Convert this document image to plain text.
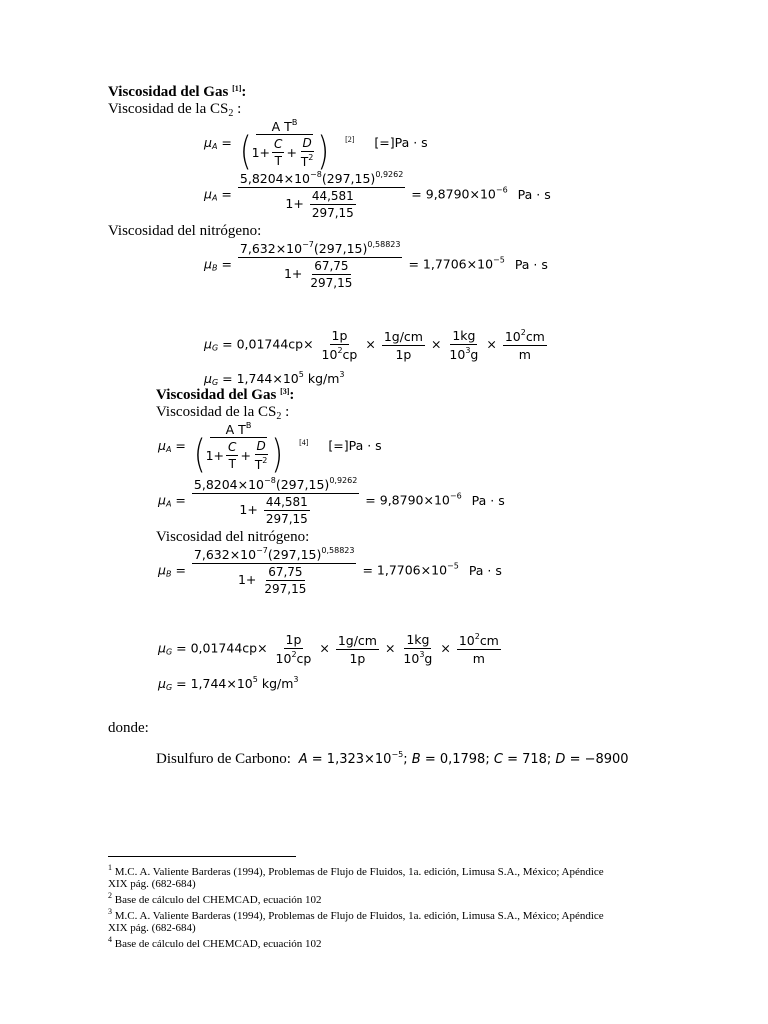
Viscosidad del Gas [1]:
Viscosidad de la $CS_2$ :
$\mu_A = \frac{A T^B}{( 1+ \frac{C}{T} + \frac{D}{T^2} )} [2]$ [=]Pa · s
$\mu_A = \frac{5,8204\times 10^{-8}(297,15)^{0,9262}}{1+ \frac{44,581}{297,15}} = 9,8790\times 10^{-6}$ Pa · s
Viscosidad del nitrógeno:
$\mu_B = \frac{7,632\times 10^{-7}(297,15)^{0,58823}}{1+ \frac{67,75}{297,15}} = 1,7706\times 10^{-5}$ Pa · s
$\mu_G = 0,01744cp\times \frac{1p}{10^2cp} \times \frac{1g/cm}{1p} \times \frac{1kg}{10^3g} \times \frac{10^2cm}{m}$
$\mu_G = 1,744\times 10^5$ $kg/m^3$
Viscosidad del Gas [3]:
Viscosidad de la $CS_2$ :
$\mu_A = \frac{A T^B}{( 1+ \frac{C}{T} + \frac{D}{T^2} )} [4]$ [=]Pa · s
$\mu_A = \frac{5,8204\times 10^{-8}(297,15)^{0,9262}}{1+ \frac{44,581}{297,15}} = 9,8790\times 10^{-6}$ Pa · s
Viscosidad del nitrógeno:
$\mu_B = \frac{7,632\times 10^{-7}(297,15)^{0,58823}}{1+ \frac{67,75}{297,15}} = 1,7706\times 10^{-5}$ Pa · s
$\mu_G = 0,01744cp\times \frac{1p}{10^2cp} \times \frac{1g/cm}{1p} \times \frac{1kg}{10^3g} \times \frac{10^2cm}{m}$
$\mu_G = 1,744\times 10^5$ $kg/m^3$
donde:
Disulfuro de Carbono: $A = 1,323\times 10^{-5}$; B = 0,1798; C = 718; D = −8900
$^1$ M.C. A. Valiente Barderas (1994), Problemas de Flujo de Fluidos, 1a. edición, Limusa S.A., México; Apéndice
XIX pág. (682-684)
$^2$ Base de cálculo del CHEMCAD, ecuación 102
$^3$ M.C. A. Valiente Barderas (1994), Problemas de Flujo de Fluidos, 1a. edición, Limusa S.A., México; Apéndice
XIX pág. (682-684)
$^4$ Base de cálculo del CHEMCAD, ecuación 102
